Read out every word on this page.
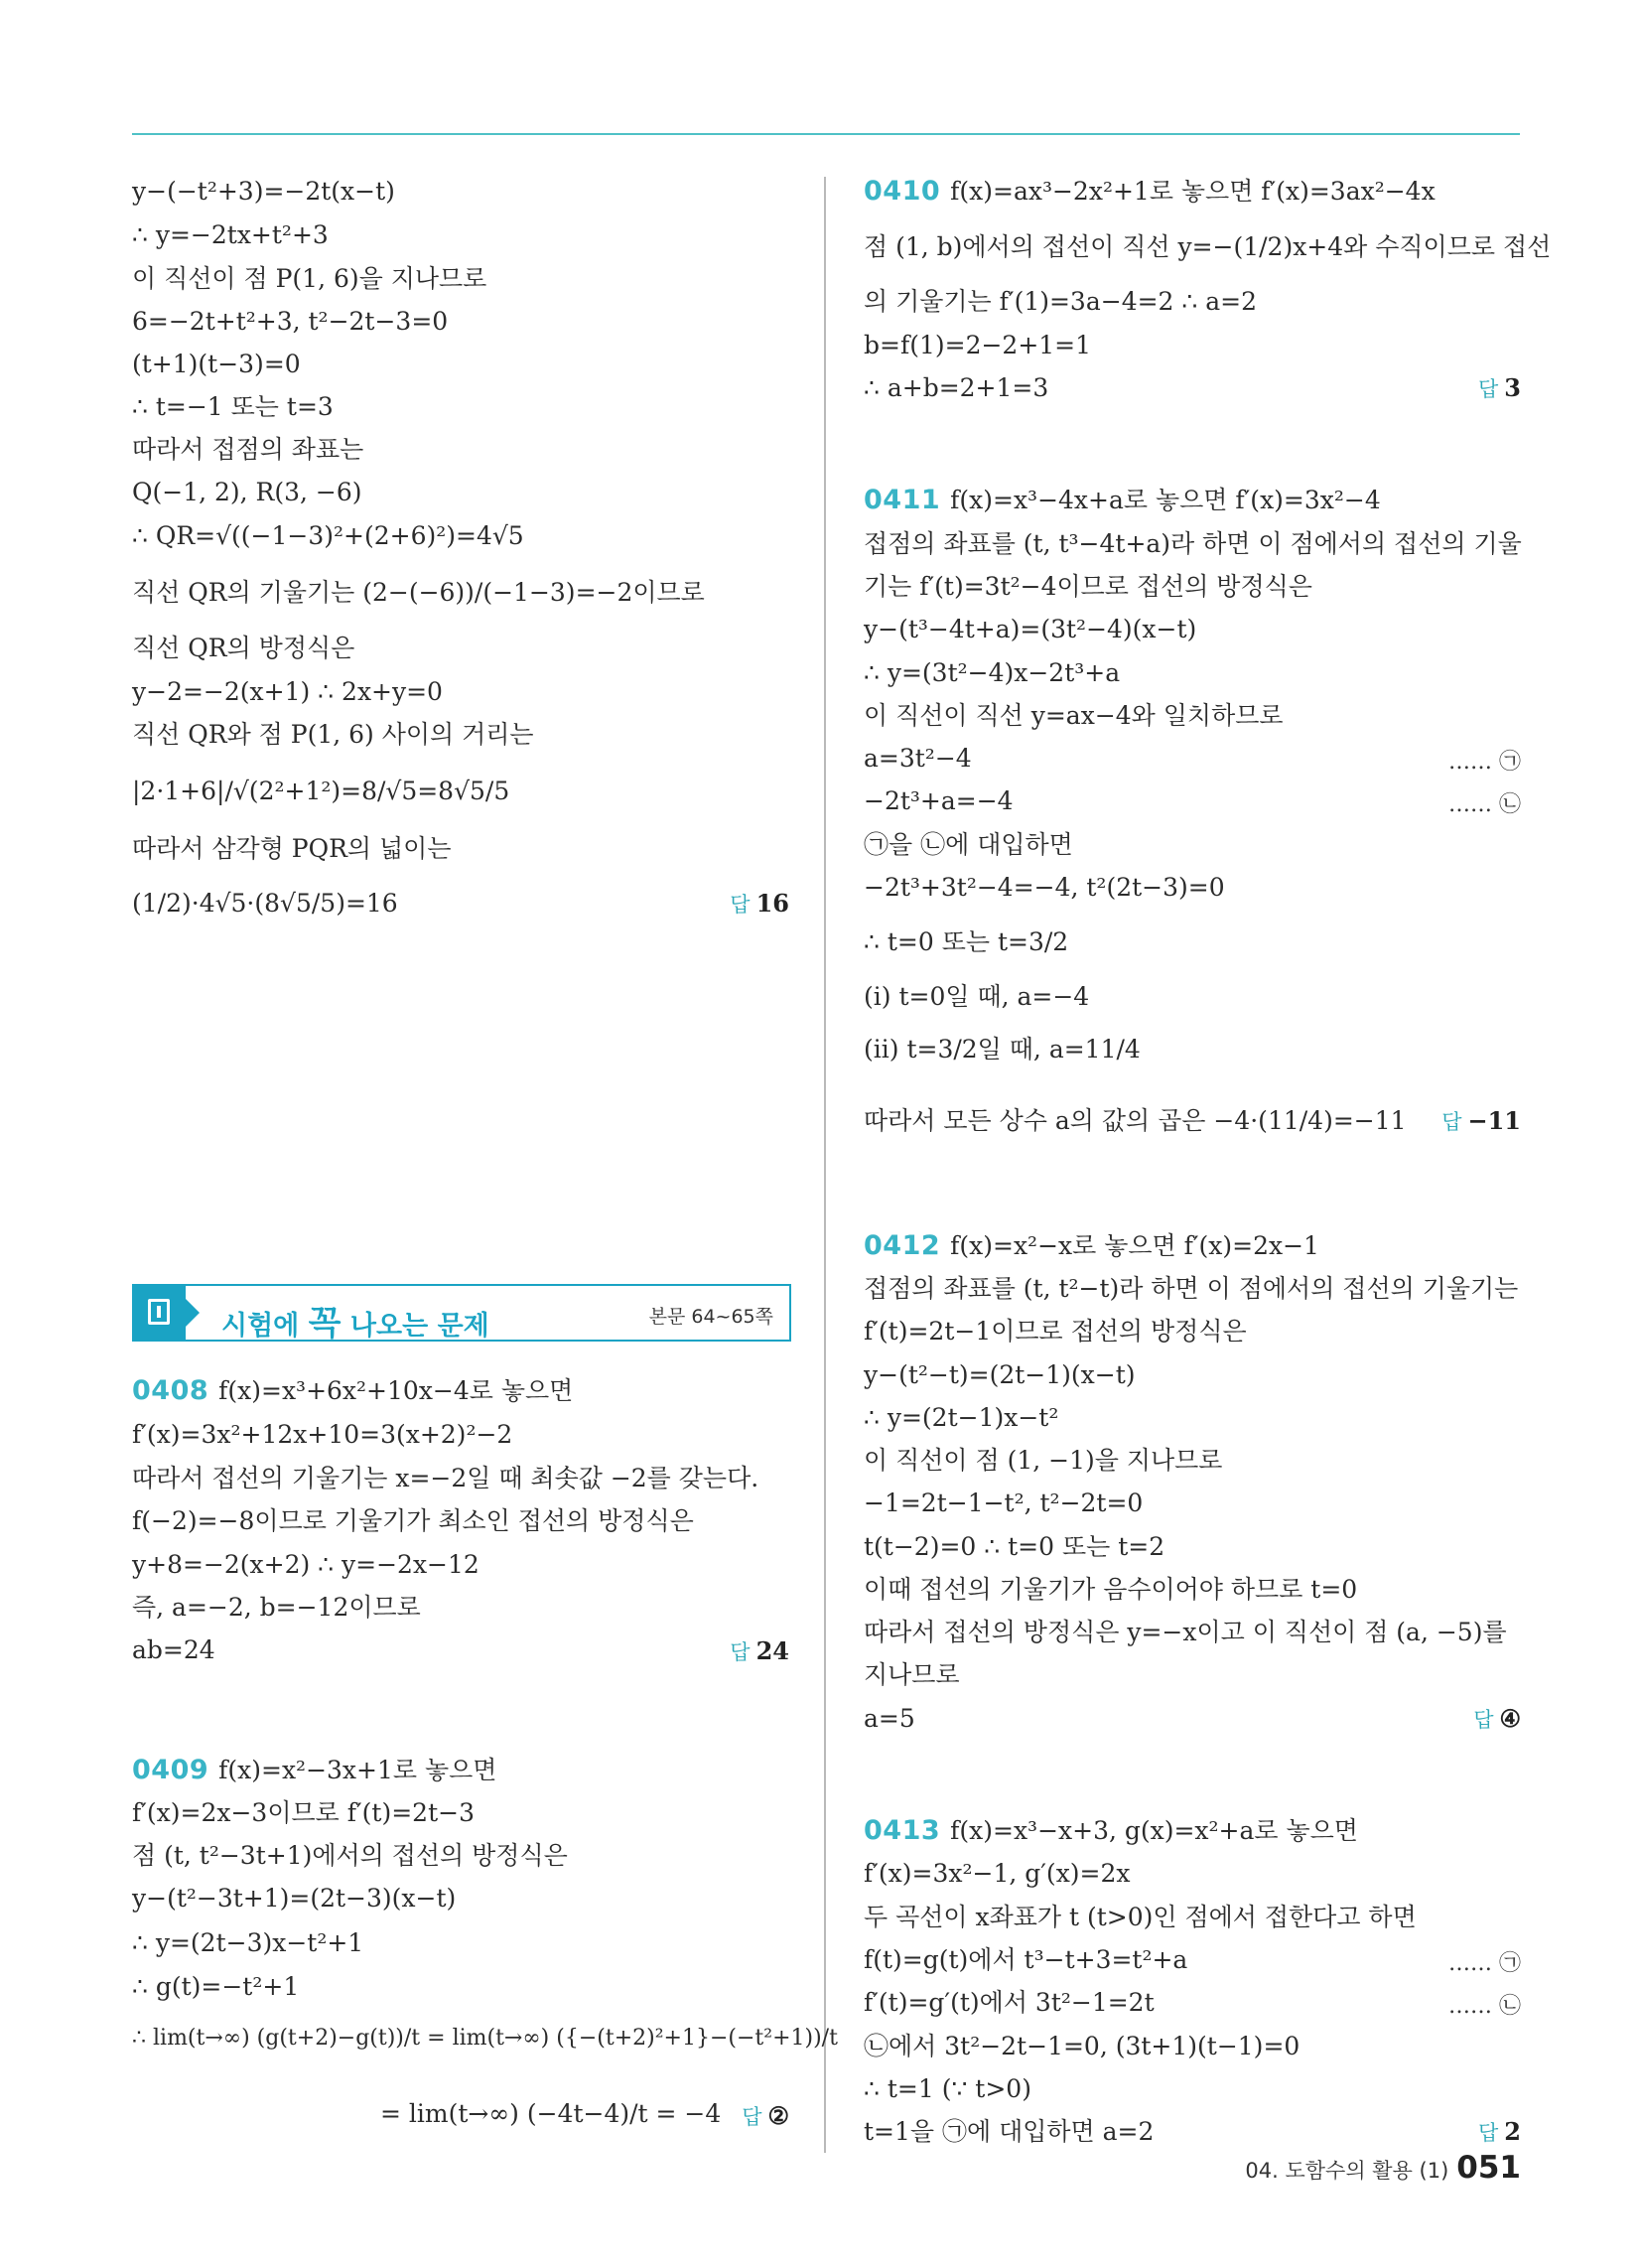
y−(−t²+3)=−2t(x−t)
∴ y=−2tx+t²+3
이 직선이 점 P(1, 6)을 지나므로
6=−2t+t²+3, t²−2t−3=0
(t+1)(t−3)=0
∴ t=−1 또는 t=3
따라서 접점의 좌표는
Q(−1, 2), R(3, −6)
∴ QR=√((−1−3)²+(2+6)²)=4√5
직선 QR의 기울기는 (2−(−6))/(−1−3)=−2이므로
직선 QR의 방정식은
y−2=−2(x+1) ∴ 2x+y=0
직선 QR와 점 P(1, 6) 사이의 거리는
|2·1+6|/√(2²+1²)=8/√5=8√5/5
따라서 삼각형 PQR의 넓이는
(1/2)·4√5·(8√5/5)=16	답 16
0408 f(x)=x³+6x²+10x−4로 놓으면
f′(x)=3x²+12x+10=3(x+2)²−2
따라서 접선의 기울기는 x=−2일 때 최솟값 −2를 갖는다.
f(−2)=−8이므로 기울기가 최소인 접선의 방정식은
y+8=−2(x+2) ∴ y=−2x−12
즉, a=−2, b=−12이므로
ab=24	답 24
0409 f(x)=x²−3x+1로 놓으면
f′(x)=2x−3이므로 f′(t)=2t−3
점 (t, t²−3t+1)에서의 접선의 방정식은
y−(t²−3t+1)=(2t−3)(x−t)
∴ y=(2t−3)x−t²+1
∴ g(t)=−t²+1
∴ lim(t→∞) (g(t+2)−g(t))/t = lim(t→∞) ({−(t+2)²+1}−(−t²+1))/t
= lim(t→∞) (−4t−4)/t = −4 답 ②
시험에 꼭 나오는 문제	본문 64~65쪽
0410 f(x)=ax³−2x²+1로 놓으면 f′(x)=3ax²−4x
점 (1, b)에서의 접선이 직선 y=−(1/2)x+4와 수직이므로 접선
의 기울기는 f′(1)=3a−4=2 ∴ a=2
b=f(1)=2−2+1=1
∴ a+b=2+1=3	답 3
0411 f(x)=x³−4x+a로 놓으면 f′(x)=3x²−4
접점의 좌표를 (t, t³−4t+a)라 하면 이 점에서의 접선의 기울
기는 f′(t)=3t²−4이므로 접선의 방정식은
y−(t³−4t+a)=(3t²−4)(x−t)
∴ y=(3t²−4)x−2t³+a
이 직선이 직선 y=ax−4와 일치하므로
a=3t²−4	…… ㉠
−2t³+a=−4	…… ㉡
㉠을 ㉡에 대입하면
−2t³+3t²−4=−4, t²(2t−3)=0
∴ t=0 또는 t=3/2
(ⅰ) t=0일 때, a=−4
(ⅱ) t=3/2일 때, a=11/4
따라서 모든 상수 a의 값의 곱은 −4·(11/4)=−11 답 −11
0412 f(x)=x²−x로 놓으면 f′(x)=2x−1
접점의 좌표를 (t, t²−t)라 하면 이 점에서의 접선의 기울기는
f′(t)=2t−1이므로 접선의 방정식은
y−(t²−t)=(2t−1)(x−t)
∴ y=(2t−1)x−t²
이 직선이 점 (1, −1)을 지나므로
−1=2t−1−t², t²−2t=0
t(t−2)=0 ∴ t=0 또는 t=2
이때 접선의 기울기가 음수이어야 하므로 t=0
따라서 접선의 방정식은 y=−x이고 이 직선이 점 (a, −5)를
지나므로
a=5	답 ④
0413 f(x)=x³−x+3, g(x)=x²+a로 놓으면
f′(x)=3x²−1, g′(x)=2x
두 곡선이 x좌표가 t (t>0)인 점에서 접한다고 하면
f(t)=g(t)에서 t³−t+3=t²+a	…… ㉠
f′(t)=g′(t)에서 3t²−1=2t	…… ㉡
㉡에서 3t²−2t−1=0, (3t+1)(t−1)=0
∴ t=1 (∵ t>0)
t=1을 ㉠에 대입하면 a=2	답 2
04. 도함수의 활용 (1) 051
